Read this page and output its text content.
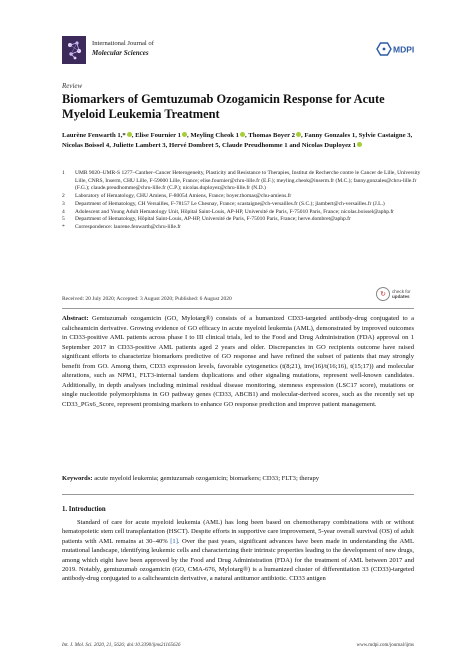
International Journal of
Molecular Sciences	MDPI
Review
Biomarkers of Gemtuzumab Ozogamicin Response for Acute Myeloid Leukemia Treatment
Laurène Fenwarth 1,* , Elise Fournier 1 , Meyling Cheok 1 , Thomas Boyer 2 , Fanny Gonzales 1, Sylvie Castaigne 3, Nicolas Boissel 4, Juliette Lambert 3, Hervé Dombret 5, Claude Preudhomme 1 and Nicolas Duployez 1
1	UMR 9020–UMR-S 1277–Canther–Cancer Heterogeneity, Plasticity and Resistance to Therapies, Institut de Recherche contre le Cancer de Lille, University Lille, CNRS, Inserm, CHU Lille, F-59000 Lille, France; elise.fournier@chru-lille.fr (E.F.); meyling.cheok@inserm.fr (M.C.); fanny.gonzales@chru-lille.fr (F.G.); claude.preudhomme@chru-lille.fr (C.P.); nicolas.duployez@chru-lille.fr (N.D.)
2	Laboratory of Hematology, CHU Amiens, F-80054 Amiens, France; boyer.thomas@chu-amiens.fr
3	Department of Hematology, CH Versailles, F-78157 Le Chesnay, France; scastaigne@ch-versailles.fr (S.C.); jlambert@ch-versailles.fr (J.L.)
4	Adolescent and Young Adult Hematology Unit, Hôpital Saint-Louis, AP-HP, Université de Paris, F-75010 Paris, France; nicolas.boissel@aphp.fr
5	Department of Hematology, Hôpital Saint-Louis, AP-HP, Université de Paris, F-75010 Paris, France; herve.dombret@aphp.fr
*	Correspondence: laurene.fenwarth@chru-lille.fr
Received: 20 July 2020; Accepted: 3 August 2020; Published: 6 August 2020
↻	check for
updates
Abstract: Gemtuzumab ozogamicin (GO, Mylotarg®) consists of a humanized CD33-targeted antibody-drug conjugated to a calicheamicin derivative. Growing evidence of GO efficacy in acute myeloid leukemia (AML), demonstrated by improved outcomes in CD33-positive AML patients across phase I to III clinical trials, led to the Food and Drug Administration (FDA) approval on 1 September 2017 in CD33-positive AML patients aged 2 years and older. Discrepancies in GO recipients outcome have raised significant efforts to characterize biomarkers predictive of GO response and have refined the subset of patients that may strongly benefit from GO. Among them, CD33 expression levels, favorable cytogenetics (t(8;21), inv(16)/t(16;16), t(15;17)) and molecular alterations, such as NPM1, FLT3-internal tandem duplications and other signaling mutations, represent well-known candidates. Additionally, in depth analyses including minimal residual disease monitoring, stemness expression (LSC17 score), mutations or single nucleotide polymorphisms in GO pathway genes (CD33, ABCB1) and molecular-derived scores, such as the recently set up CD33_PGx6_Score, represent promising markers to enhance GO response prediction and improve patient management.
Keywords: acute myeloid leukemia; gemtuzumab ozogamicin; biomarkers; CD33; FLT3; therapy
1. Introduction
Standard of care for acute myeloid leukemia (AML) has long been based on chemotherapy combinations with or without hematopoietic stem cell transplantation (HSCT). Despite efforts in supportive care improvement, 5-year overall survival (OS) of adult patients with AML remains at 30–40% [1]. Over the past years, significant advances have been made in understanding the AML mutational landscape, identifying leukemic cells and characterizing their intrinsic properties leading to the development of new drugs, among which eight have been approved by the Food and Drug Administration (FDA) for the treatment of AML between 2017 and 2019. Notably, gemtuzumab ozogamicin (GO, CMA-676, Mylotarg®) is a humanized cluster of differentiation 33 (CD33)-targeted antibody-drug conjugated to a calicheamicin derivative, a natural antitumor antibiotic. CD33 antigen
Int. J. Mol. Sci. 2020, 21, 5626; doi:10.3390/ijms21165626	www.mdpi.com/journal/ijms
